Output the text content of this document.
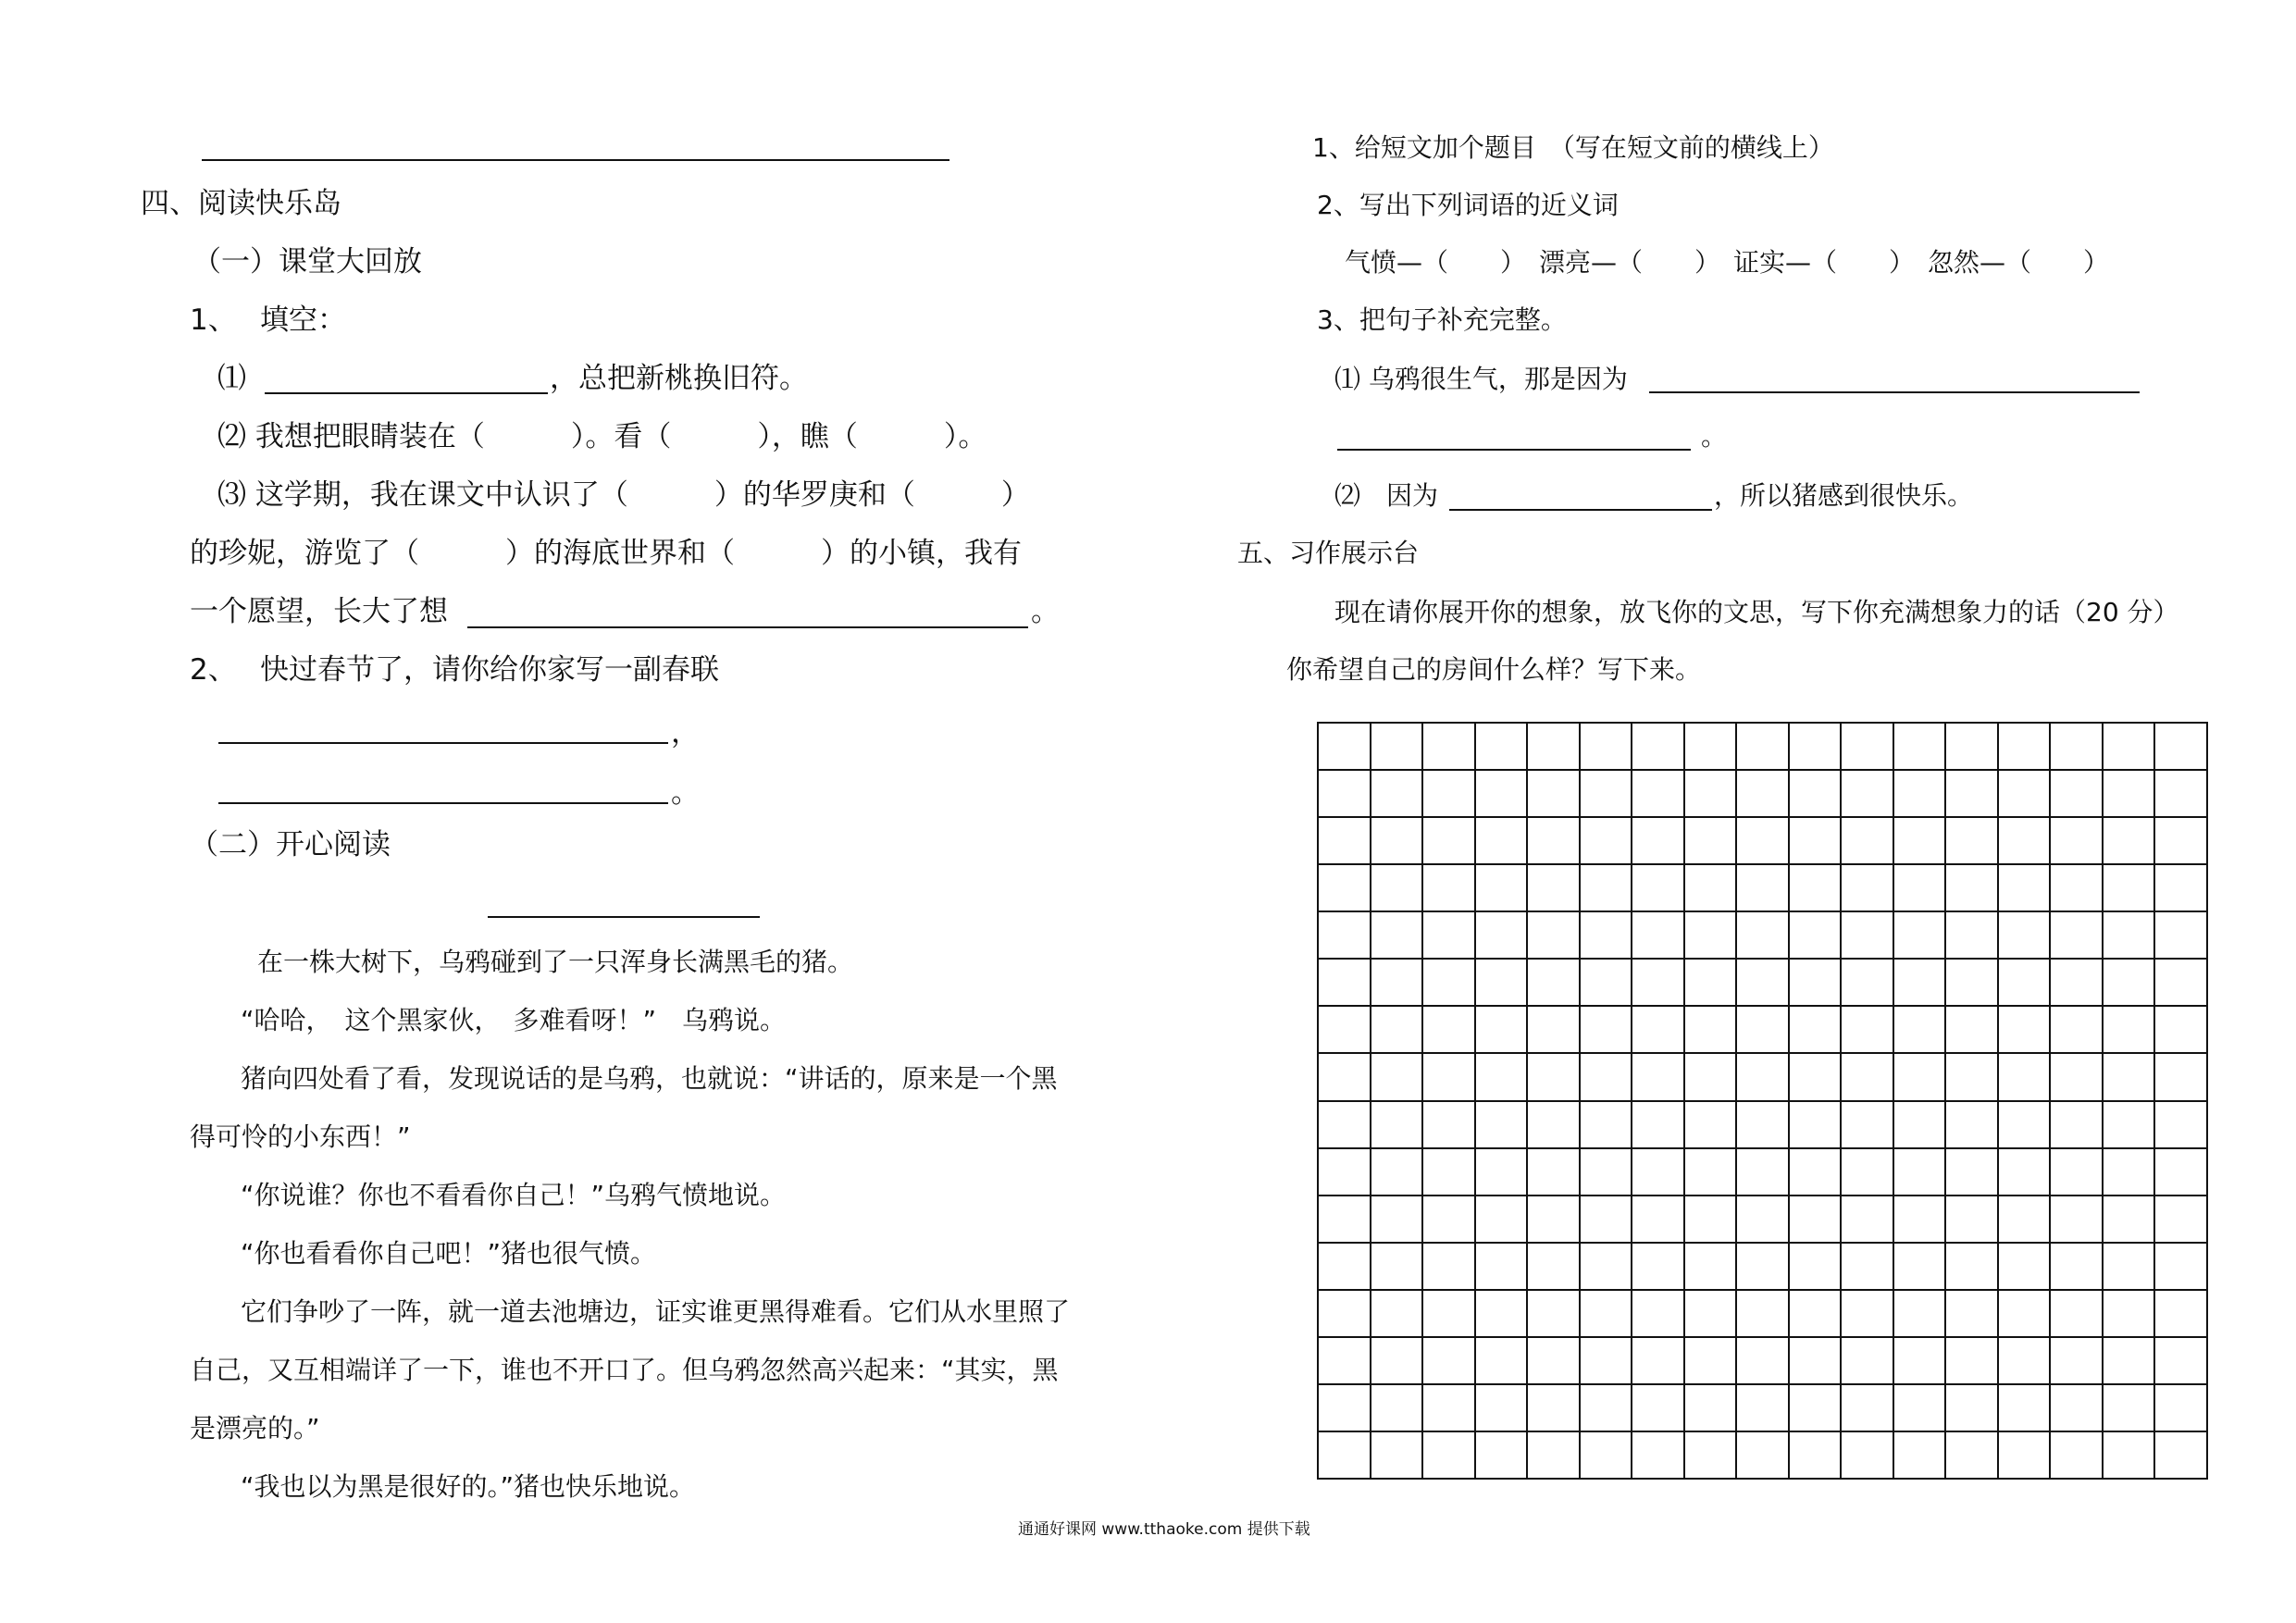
四、阅读快乐岛
（一）课堂大回放
1、 填空：
⑴	，总把新桃换旧符。
⑵ 我想把眼睛装在（　　　）。看（　　　），瞧（　　　）。
⑶ 这学期，我在课文中认识了（　　　）的华罗庚和（　　　）
的珍妮，游览了（　　　）的海底世界和（　　　）的小镇，我有
一个愿望，长大了想	。
2、 快过春节了，请你给你家写一副春联
，
。
（二）开心阅读
在一株大树下，乌鸦碰到了一只浑身长满黑毛的猪。
“哈哈，　这个黑家伙，　多难看呀！”　乌鸦说。
猪向四处看了看，发现说话的是乌鸦，也就说：“讲话的，原来是一个黑
得可怜的小东西！”
“你说谁？你也不看看你自己！”乌鸦气愤地说。
“你也看看你自己吧！”猪也很气愤。
它们争吵了一阵，就一道去池塘边，证实谁更黑得难看。它们从水里照了
自己，又互相端详了一下，谁也不开口了。但乌鸦忽然高兴起来：“其实，黑
是漂亮的。”
“我也以为黑是很好的。”猪也快乐地说。
1、给短文加个题目　（写在短文前的横线上）
2、写出下列词语的近义词
气愤—（　　）　漂亮—（　　）　证实—（　　）　忽然—（　　）
3、把句子补充完整。
⑴ 乌鸦很生气，那是因为
。
⑵　因为	，所以猪感到很快乐。
五、习作展示台
现在请你展开你的想象，放飞你的文思，写下你充满想象力的话（20 分）
你希望自己的房间什么样？写下来。

通通好课网 www.tthaoke.com 提供下载
